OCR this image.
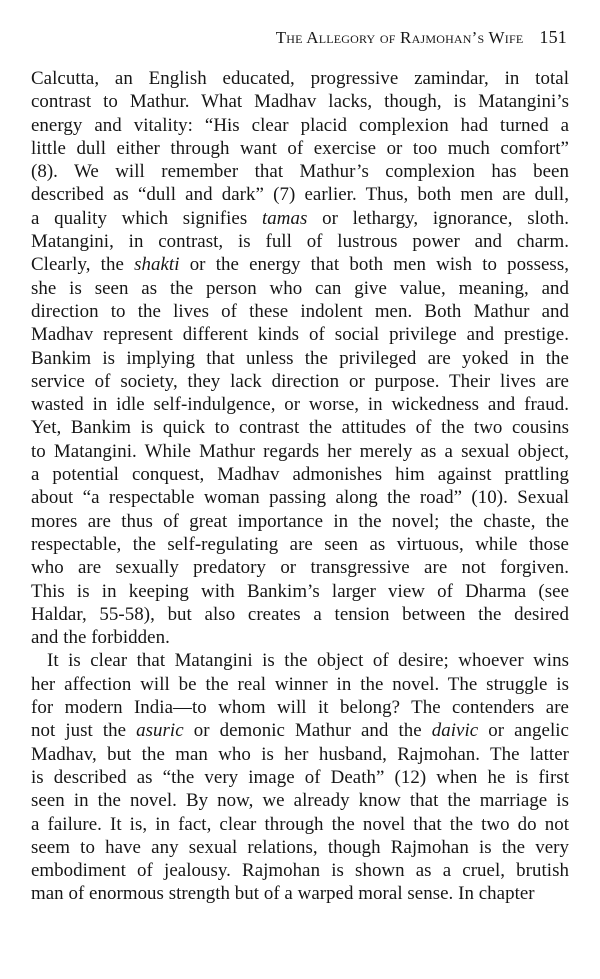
The Allegory of Rajmohan’s Wife 151
Calcutta, an English educated, progressive zamindar, in total
contrast to Mathur. What Madhav lacks, though, is Matangini’s
energy and vitality: “His clear placid complexion had turned a
little dull either through want of exercise or too much comfort”
(8). We will remember that Mathur’s complexion has been
described as “dull and dark” (7) earlier. Thus, both men are dull,
a quality which signifies tamas or lethargy, ignorance, sloth.
Matangini, in contrast, is full of lustrous power and charm.
Clearly, the shakti or the energy that both men wish to possess,
she is seen as the person who can give value, meaning, and
direction to the lives of these indolent men. Both Mathur and
Madhav represent different kinds of social privilege and prestige.
Bankim is implying that unless the privileged are yoked in the
service of society, they lack direction or purpose. Their lives are
wasted in idle self-indulgence, or worse, in wickedness and fraud.
Yet, Bankim is quick to contrast the attitudes of the two cousins
to Matangini. While Mathur regards her merely as a sexual object,
a potential conquest, Madhav admonishes him against prattling
about “a respectable woman passing along the road” (10). Sexual
mores are thus of great importance in the novel; the chaste, the
respectable, the self-regulating are seen as virtuous, while those
who are sexually predatory or transgressive are not forgiven.
This is in keeping with Bankim’s larger view of Dharma (see
Haldar, 55-58), but also creates a tension between the desired
and the forbidden.
It is clear that Matangini is the object of desire; whoever wins
her affection will be the real winner in the novel. The struggle is
for modern India—to whom will it belong? The contenders are
not just the asuric or demonic Mathur and the daivic or angelic
Madhav, but the man who is her husband, Rajmohan. The latter
is described as “the very image of Death” (12) when he is first
seen in the novel. By now, we already know that the marriage is
a failure. It is, in fact, clear through the novel that the two do not
seem to have any sexual relations, though Rajmohan is the very
embodiment of jealousy. Rajmohan is shown as a cruel, brutish
man of enormous strength but of a warped moral sense. In chapter
